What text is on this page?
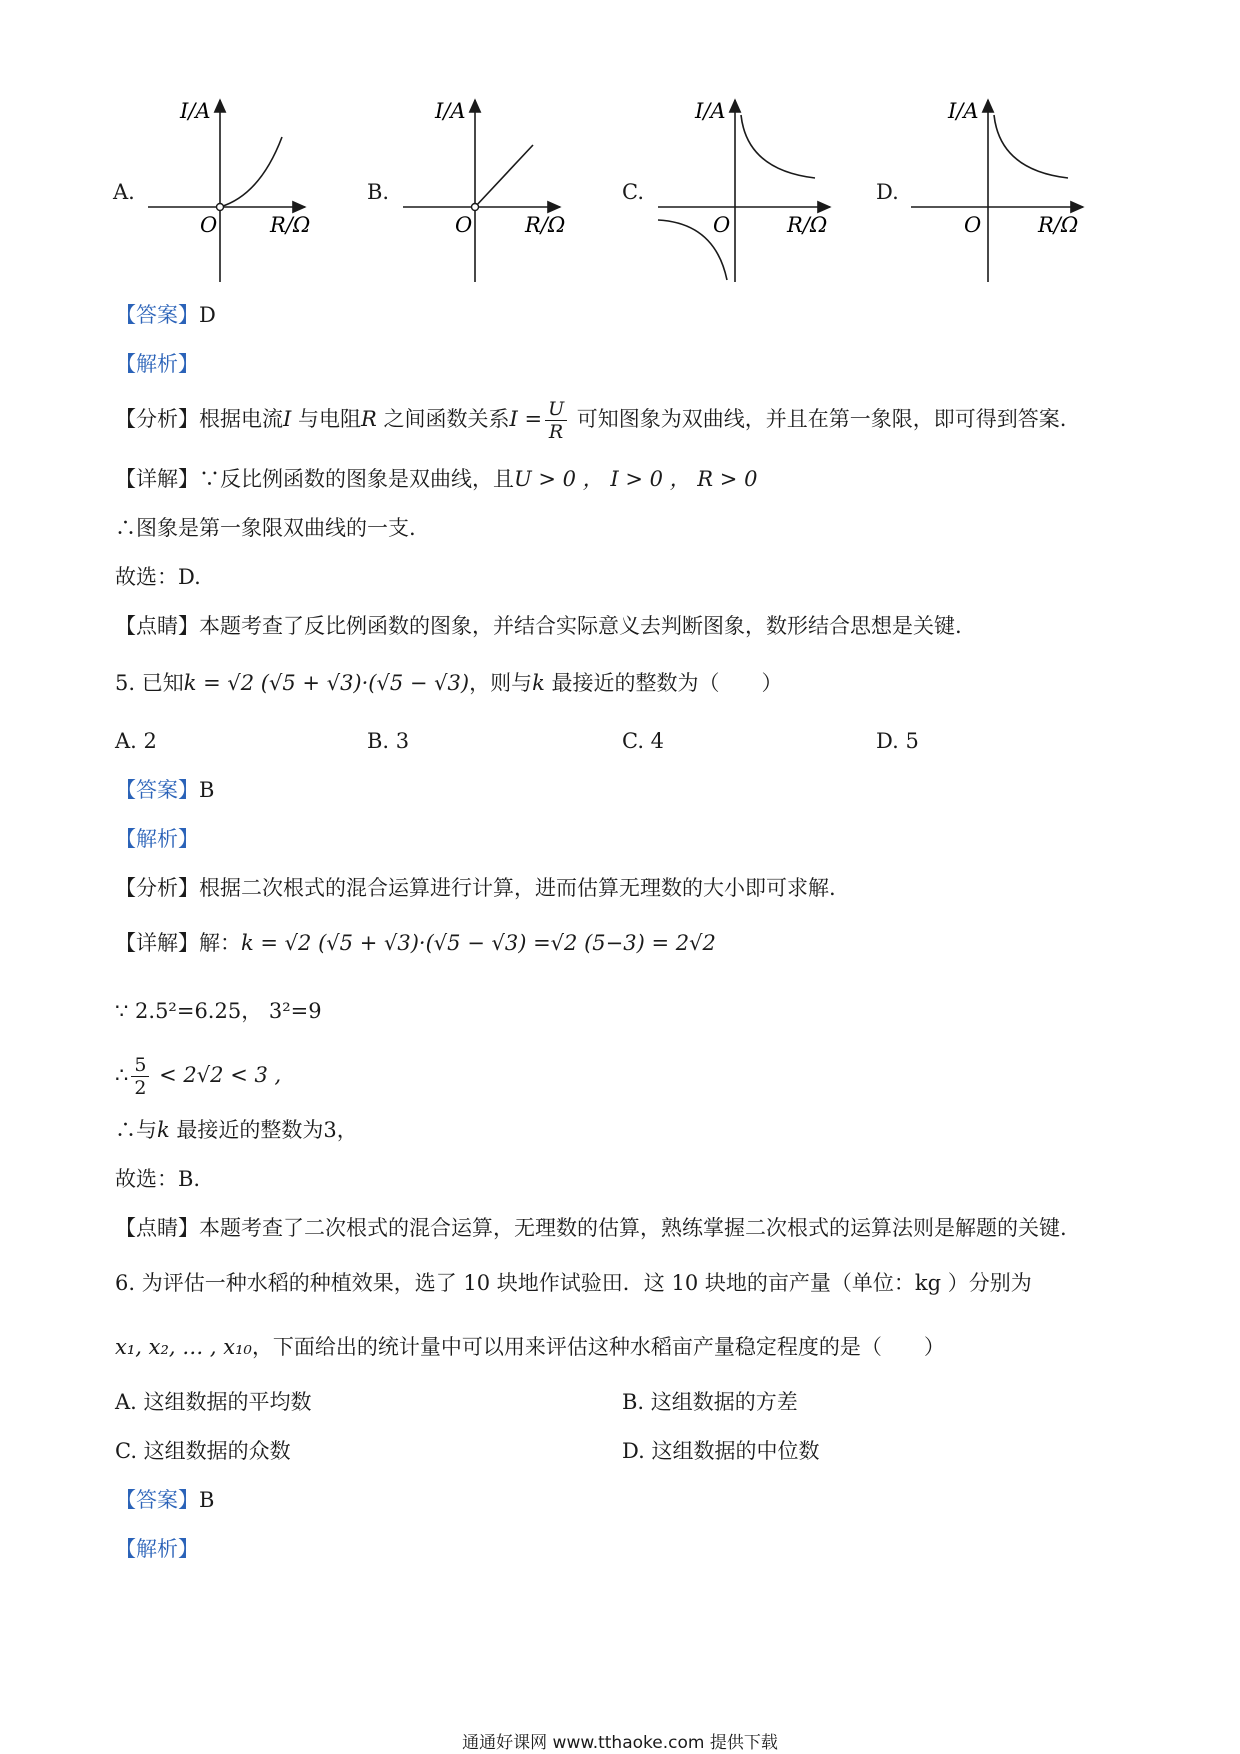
A.
I/A
O	R/Ω
B.
I/A
O	R/Ω
C.
I/A
O	R/Ω
D.
I/A
O	R/Ω
【答案】D
【解析】
【分析】根据电流I 与电阻R 之间函数关系$I = \frac{U}{R}$ 可知图象为双曲线，并且在第一象限，即可得到答案.
【详解】∵反比例函数的图象是双曲线，且U > 0 ， I > 0 ， R > 0
∴图象是第一象限双曲线的一支.
故选：D.
【点睛】本题考查了反比例函数的图象，并结合实际意义去判断图象，数形结合思想是关键.
5. 已知k = √2 (√5 + √3)·(√5 − √3)，则与k 最接近的整数为（　　）
A. 2	B. 3	C. 4	D. 5
【答案】B
【解析】
【分析】根据二次根式的混合运算进行计算，进而估算无理数的大小即可求解.
【详解】解：k = √2 (√5 + √3)·(√5 − √3) =√2 (5−3) = 2√2
∵ 2.5²=6.25， 3²=9
∴ $\frac{5}{2} < 2√2 < 3$ ,
∴与k 最接近的整数为3，
故选：B.
【点睛】本题考查了二次根式的混合运算，无理数的估算，熟练掌握二次根式的运算法则是解题的关键.
6. 为评估一种水稻的种植效果，选了 10 块地作试验田．这 10 块地的亩产量（单位：kg ）分别为
x₁, x₂, … , x₁₀，下面给出的统计量中可以用来评估这种水稻亩产量稳定程度的是（　　）
A. 这组数据的平均数	B. 这组数据的方差
C. 这组数据的众数	D. 这组数据的中位数
【答案】B
【解析】
通通好课网 www.tthaoke.com 提供下载
